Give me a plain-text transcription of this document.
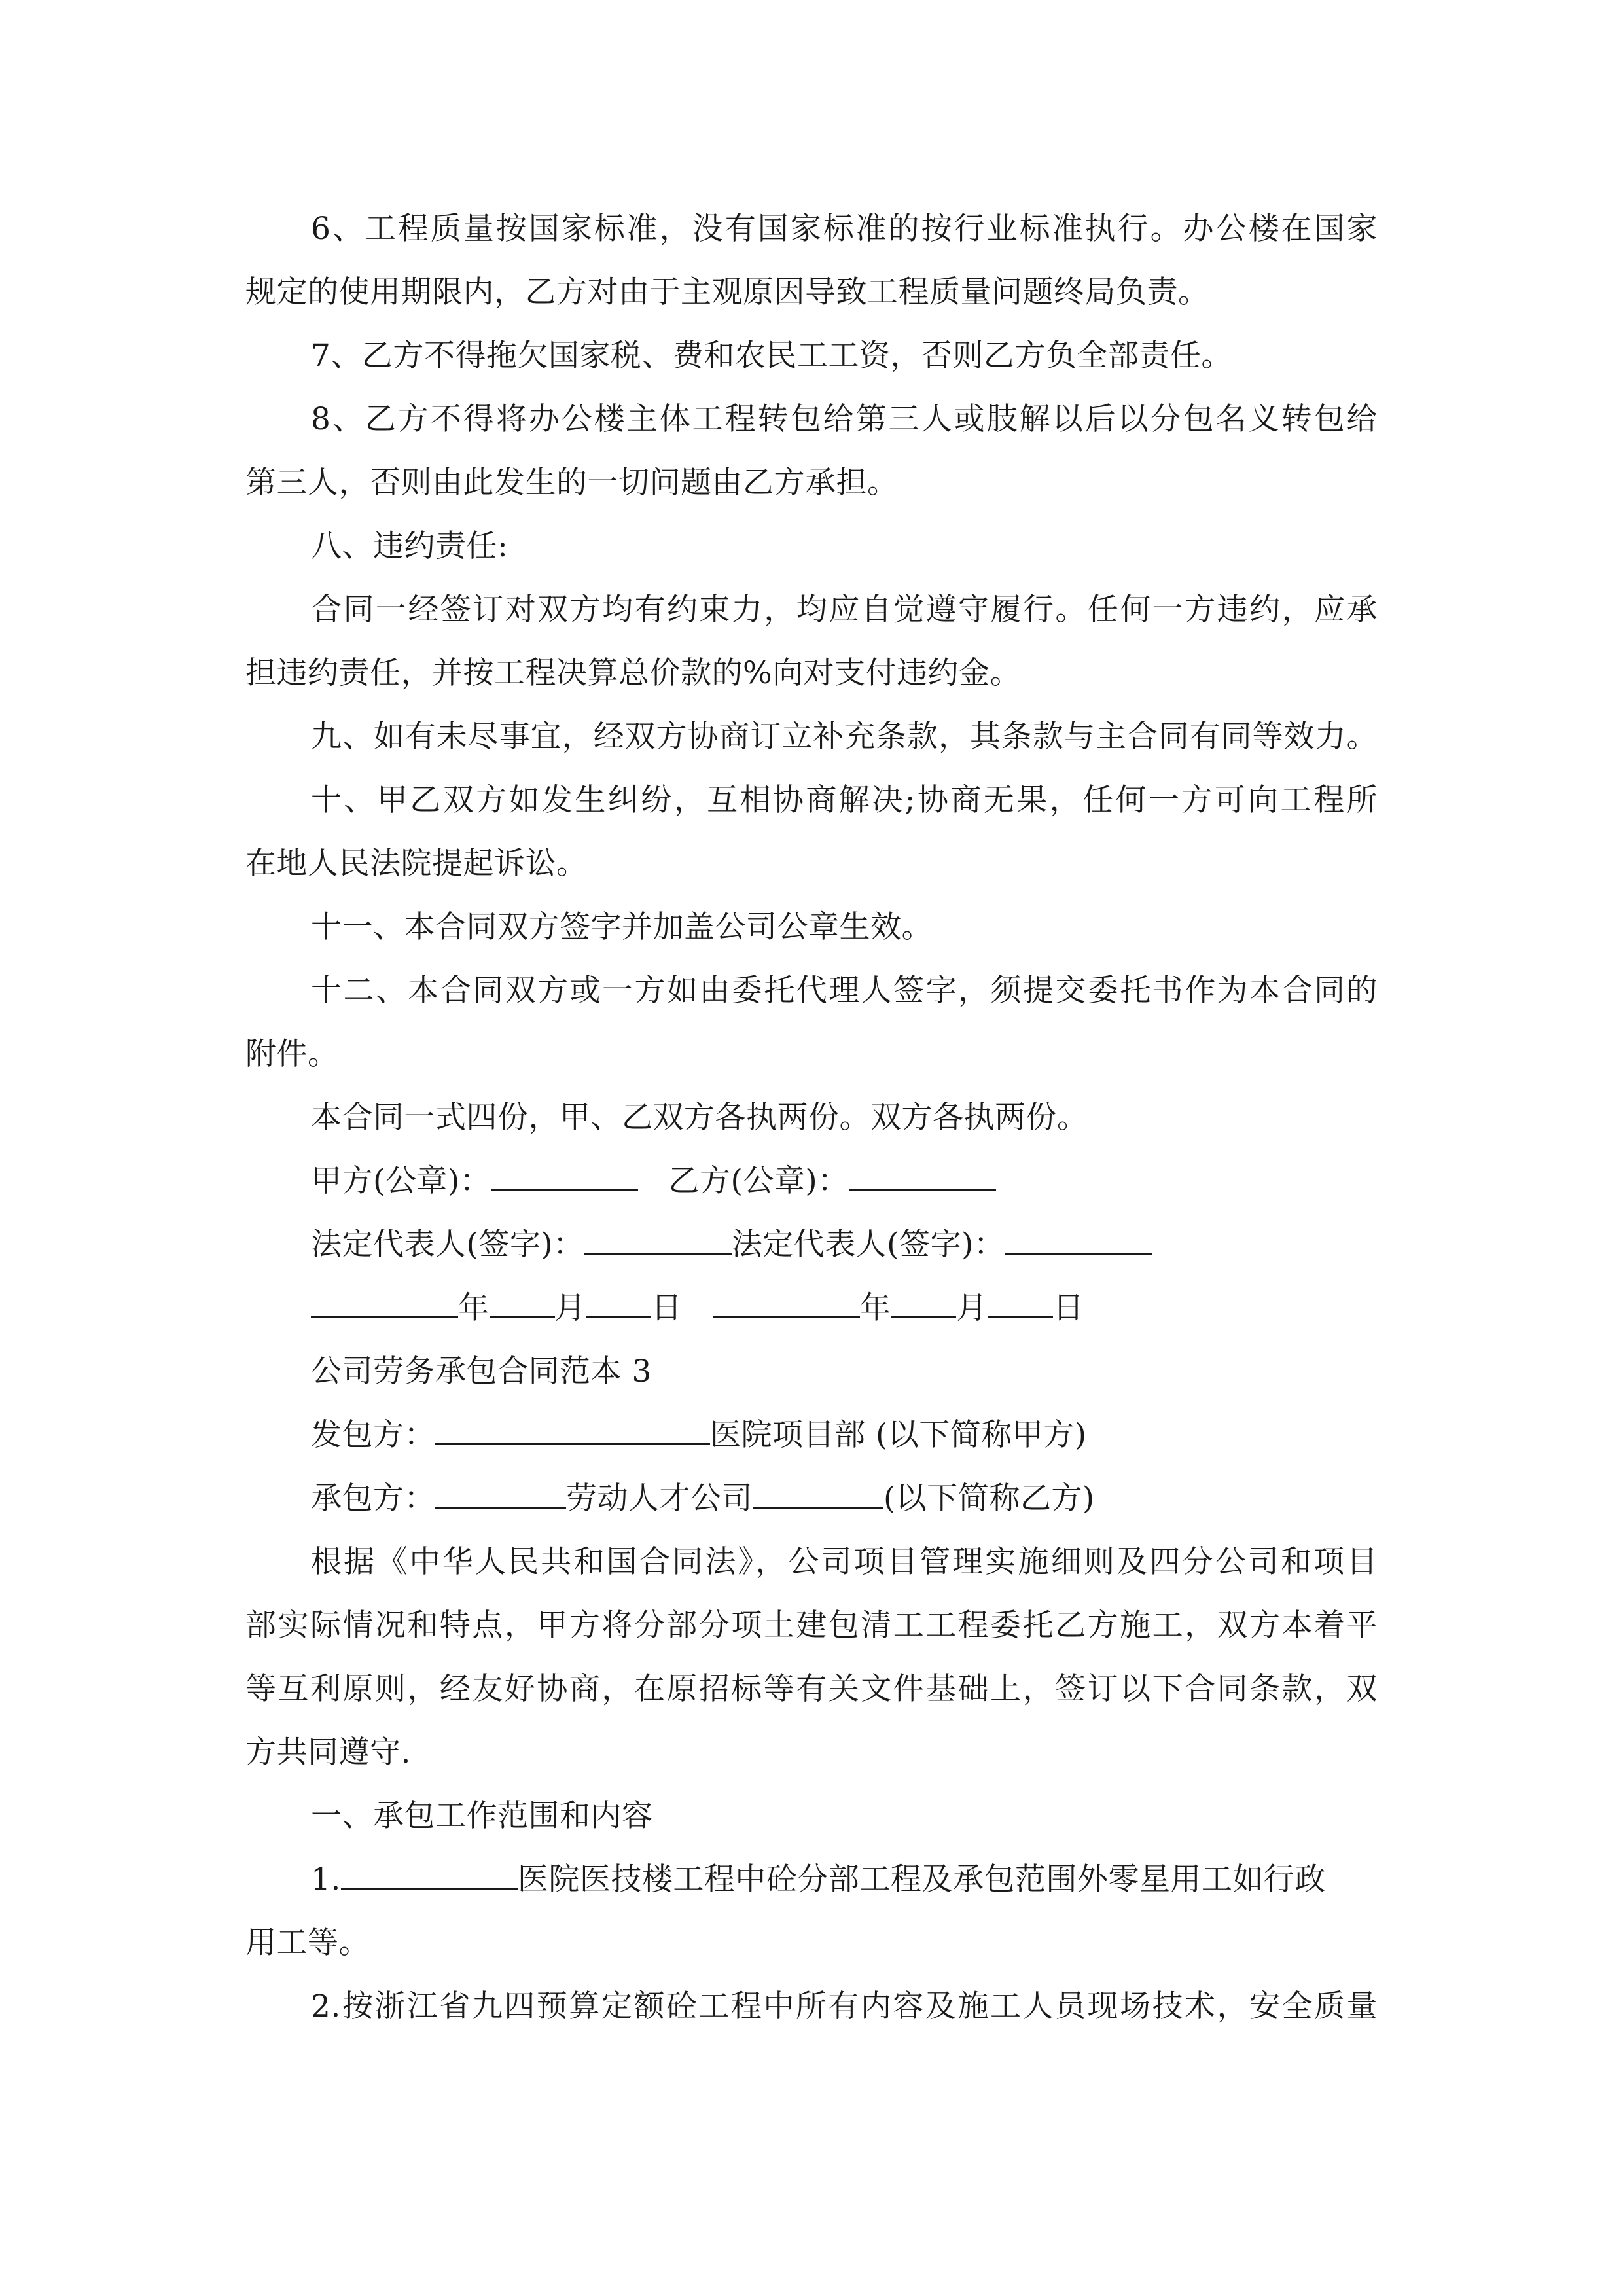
6、工程质量按国家标准，没有国家标准的按行业标准执行。办公楼在国家
规定的使用期限内，乙方对由于主观原因导致工程质量问题终局负责。
7、乙方不得拖欠国家税、费和农民工工资，否则乙方负全部责任。
8、乙方不得将办公楼主体工程转包给第三人或肢解以后以分包名义转包给
第三人，否则由此发生的一切问题由乙方承担。
八、违约责任:
合同一经签订对双方均有约束力，均应自觉遵守履行。任何一方违约，应承
担违约责任，并按工程决算总价款的%向对支付违约金。
九、如有未尽事宜，经双方协商订立补充条款，其条款与主合同有同等效力。
十、甲乙双方如发生纠纷，互相协商解决;协商无果，任何一方可向工程所
在地人民法院提起诉讼。
十一、本合同双方签字并加盖公司公章生效。
十二、本合同双方或一方如由委托代理人签字，须提交委托书作为本合同的
附件。
本合同一式四份，甲、乙双方各执两份。双方各执两份。
甲方(公章)：	乙方(公章)：
法定代表人(签字)：	法定代表人(签字)：
年 月 日	年 月 日
公司劳务承包合同范本 3
发包方：	医院项目部 (以下简称甲方)
承包方：	劳动人才公司	(以下简称乙方)
根据《中华人民共和国合同法》，公司项目管理实施细则及四分公司和项目
部实际情况和特点，甲方将分部分项土建包清工工程委托乙方施工，双方本着平
等互利原则，经友好协商，在原招标等有关文件基础上，签订以下合同条款，双
方共同遵守.
一、承包工作范围和内容
1.	医院医技楼工程中砼分部工程及承包范围外零星用工如行政
用工等。
2.按浙江省九四预算定额砼工程中所有内容及施工人员现场技术，安全质量
